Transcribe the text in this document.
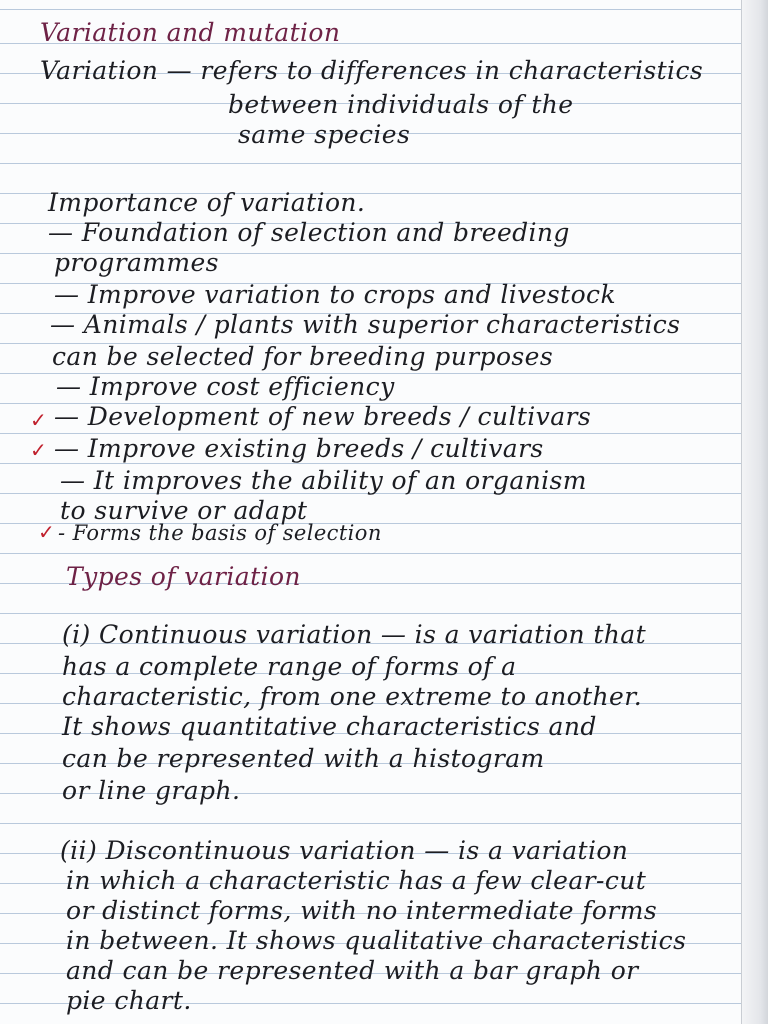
Variation and mutation

Variation — refers to differences in characteristics

between individuals of the

same species

Importance of variation.

— Foundation of selection and breeding

programmes

— Improve variation to crops and livestock

— Animals / plants with superior characteristics

can be selected for breeding purposes

— Improve cost efficiency

✓ — Development of new breeds / cultivars

✓ — Improve existing breeds / cultivars

— It improves the ability of an organism

to survive or adapt

✓ - Forms the basis of selection

Types of variation

(i) Continuous variation — is a variation that

has a complete range of forms of a

characteristic, from one extreme to another.

It shows quantitative characteristics and

can be represented with a histogram

or line graph.

(ii) Discontinuous variation — is a variation

in which a characteristic has a few clear-cut

or distinct forms, with no intermediate forms

in between. It shows qualitative characteristics

and can be represented with a bar graph or

pie chart.
